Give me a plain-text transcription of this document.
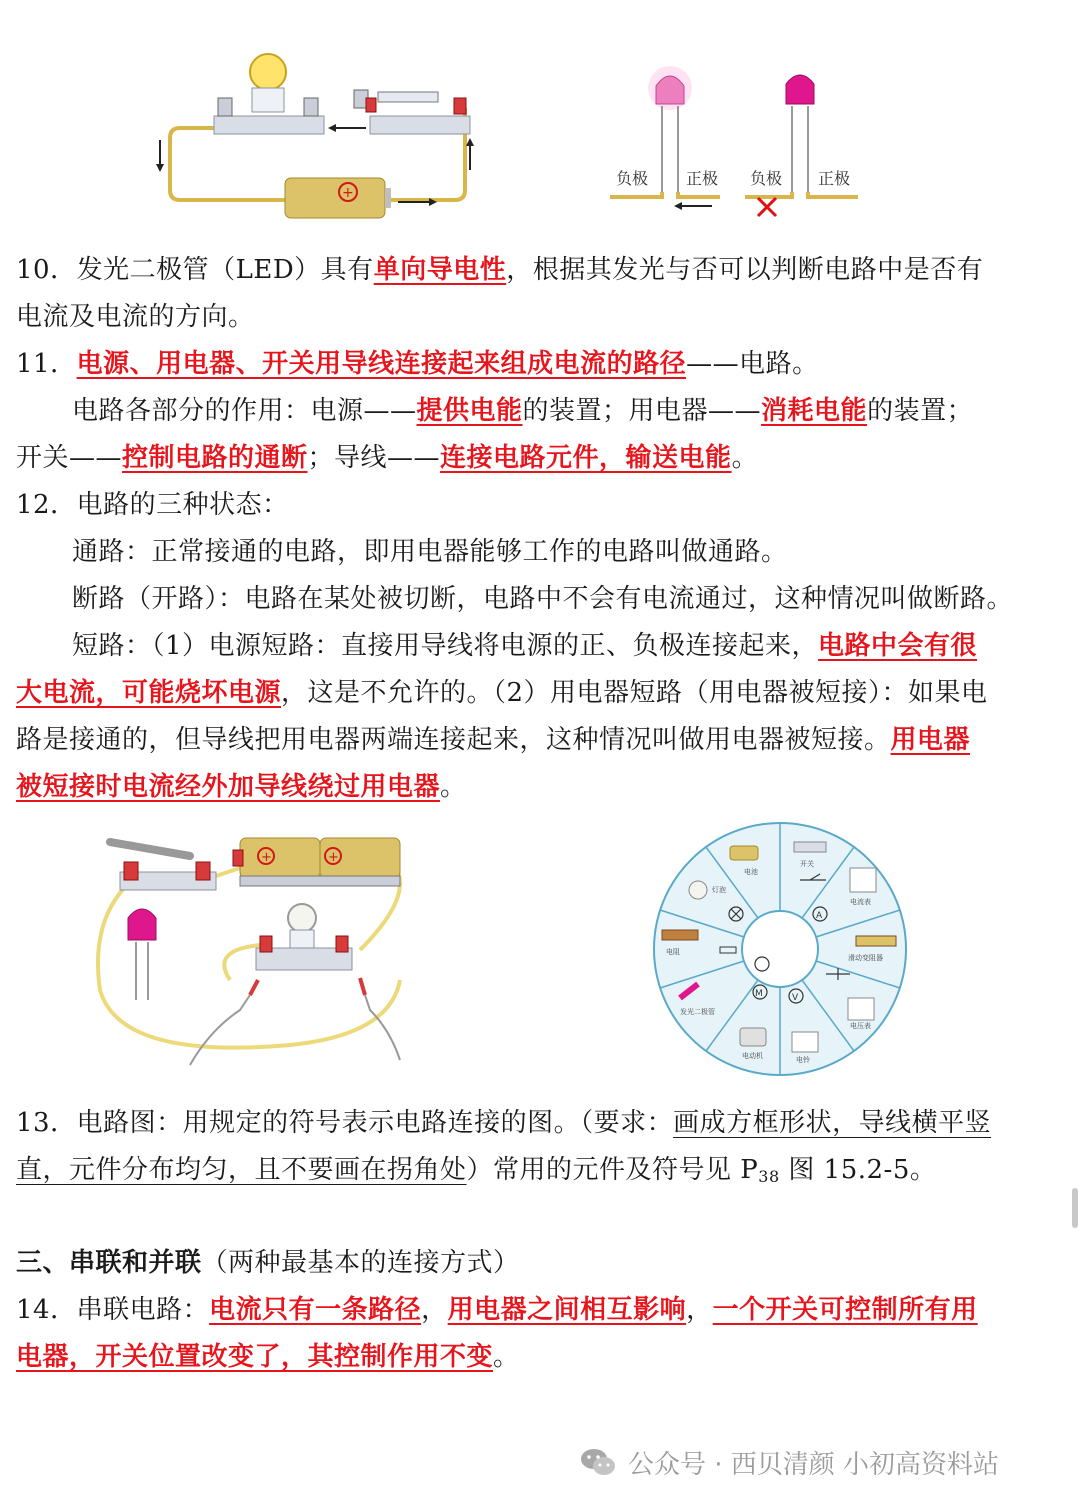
+
负极 正极 负极 正极
10．发光二极管（LED）具有单向导电性，根据其发光与否可以判断电路中是否有
电流及电流的方向。
11．电源、用电器、开关用导线连接起来组成电流的路径——电路。
电路各部分的作用：电源——提供电能的装置；用电器——消耗电能的装置；
开关——控制电路的通断；导线——连接电路元件，输送电能。
12．电路的三种状态：
通路：正常接通的电路，即用电器能够工作的电路叫做通路。
断路（开路）：电路在某处被切断，电路中不会有电流通过，这种情况叫做断路。
短路：（1）电源短路：直接用导线将电源的正、负极连接起来，电路中会有很
大电流，可能烧坏电源，这是不允许的。（2）用电器短路（用电器被短接）：如果电
路是接通的，但导线把用电器两端连接起来，这种情况叫做用电器被短接。用电器
被短接时电流经外加导线绕过用电器。
+	+
A
M	V
灯泡
电池
开关
电流表
电阻
滑动变阻器
电压表
发光二极管
电动机	电铃
13．电路图：用规定的符号表示电路连接的图。（要求：画成方框形状，导线横平竖
直，元件分布均匀，且不要画在拐角处）常用的元件及符号见 $P_{38}$ 图 15.2-5。
三、串联和并联（两种最基本的连接方式）
14．串联电路：电流只有一条路径，用电器之间相互影响，一个开关可控制所有用
电器，开关位置改变了，其控制作用不变。
公众号 · 西贝清颜 小初高资料站
